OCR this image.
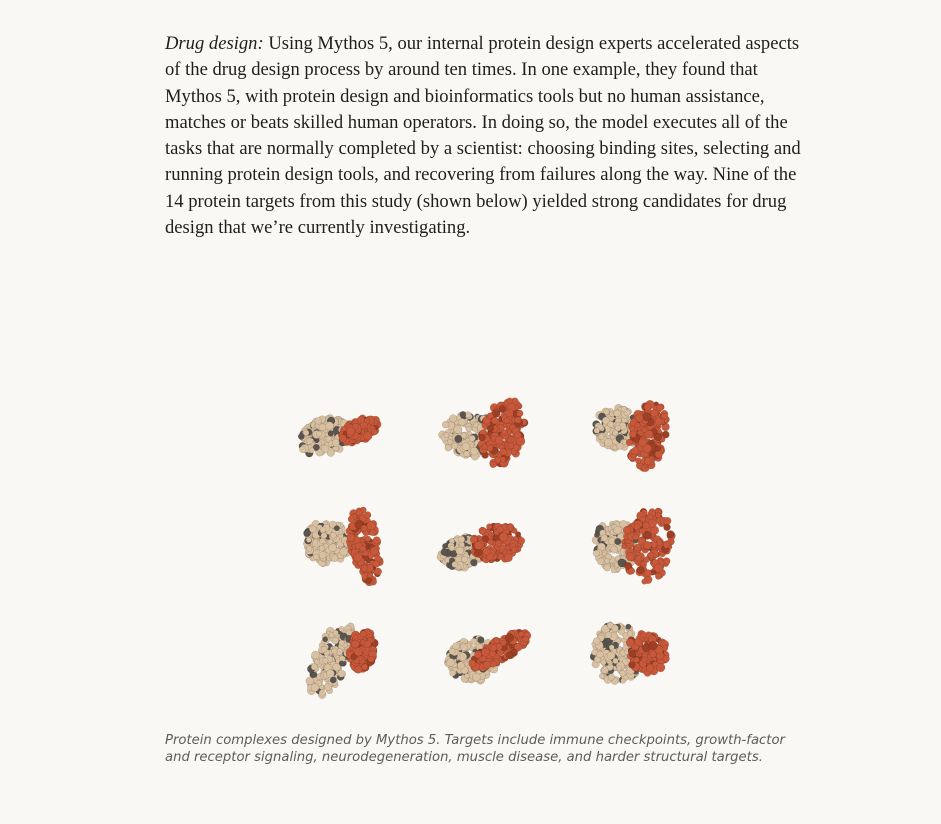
Drug design: Using Mythos 5, our internal protein design experts accelerated aspects of the drug design process by around ten times. In one example, they found that Mythos 5, with protein design and bioinformatics tools but no human assistance, matches or beats skilled human operators. In doing so, the model executes all of the tasks that are normally completed by a scientist: choosing binding sites, selecting and running protein design tools, and recovering from failures along the way. Nine of the 14 protein targets from this study (shown below) yielded strong candidates for drug design that we’re currently investigating.

Protein complexes designed by Mythos 5. Targets include immune checkpoints, growth-factor and receptor signaling, neurodegeneration, muscle disease, and harder structural targets.
